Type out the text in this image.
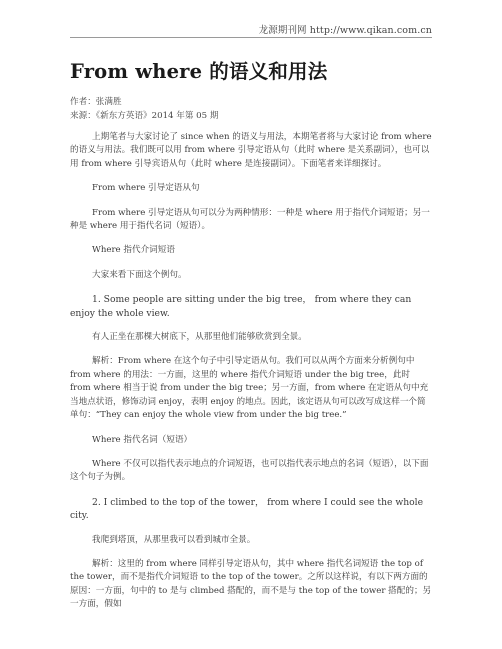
龙源期刊网 http://www.qikan.com.cn
From where 的语义和用法
作者：张满胜
来源：《新东方英语》2014 年第 05 期

上期笔者与大家讨论了 since when 的语义与用法，本期笔者将与大家讨论 from where 的语义与用法。我们既可以用 from where 引导定语从句（此时 where 是关系副词），也可以用 from where 引导宾语从句（此时 where 是连接副词）。下面笔者来详细探讨。

From where 引导定语从句

From where 引导定语从句可以分为两种情形：一种是 where 用于指代介词短语；另一种是 where 用于指代名词（短语）。

Where 指代介词短语

大家来看下面这个例句。

1. Some people are sitting under the big tree， from where they can enjoy the whole view.

有人正坐在那棵大树底下，从那里他们能够欣赏到全景。

解析：From where 在这个句子中引导定语从句。我们可以从两个方面来分析例句中 from where 的用法：一方面，这里的 where 指代介词短语 under the big tree，此时 from where 相当于说 from under the big tree；另一方面，from where 在定语从句中充当地点状语，修饰动词 enjoy，表明 enjoy 的地点。因此，该定语从句可以改写成这样一个简单句：“They can enjoy the whole view from under the big tree.”

Where 指代名词（短语）

Where 不仅可以指代表示地点的介词短语，也可以指代表示地点的名词（短语），以下面这个句子为例。

2. I climbed to the top of the tower， from where I could see the whole city.

我爬到塔顶，从那里我可以看到城市全景。

解析：这里的 from where 同样引导定语从句，其中 where 指代名词短语 the top of the tower，而不是指代介词短语 to the top of the tower。之所以这样说，有以下两方面的原因：一方面，句中的 to 是与 climbed 搭配的，而不是与 the top of the tower 搭配的；另一方面，假如
